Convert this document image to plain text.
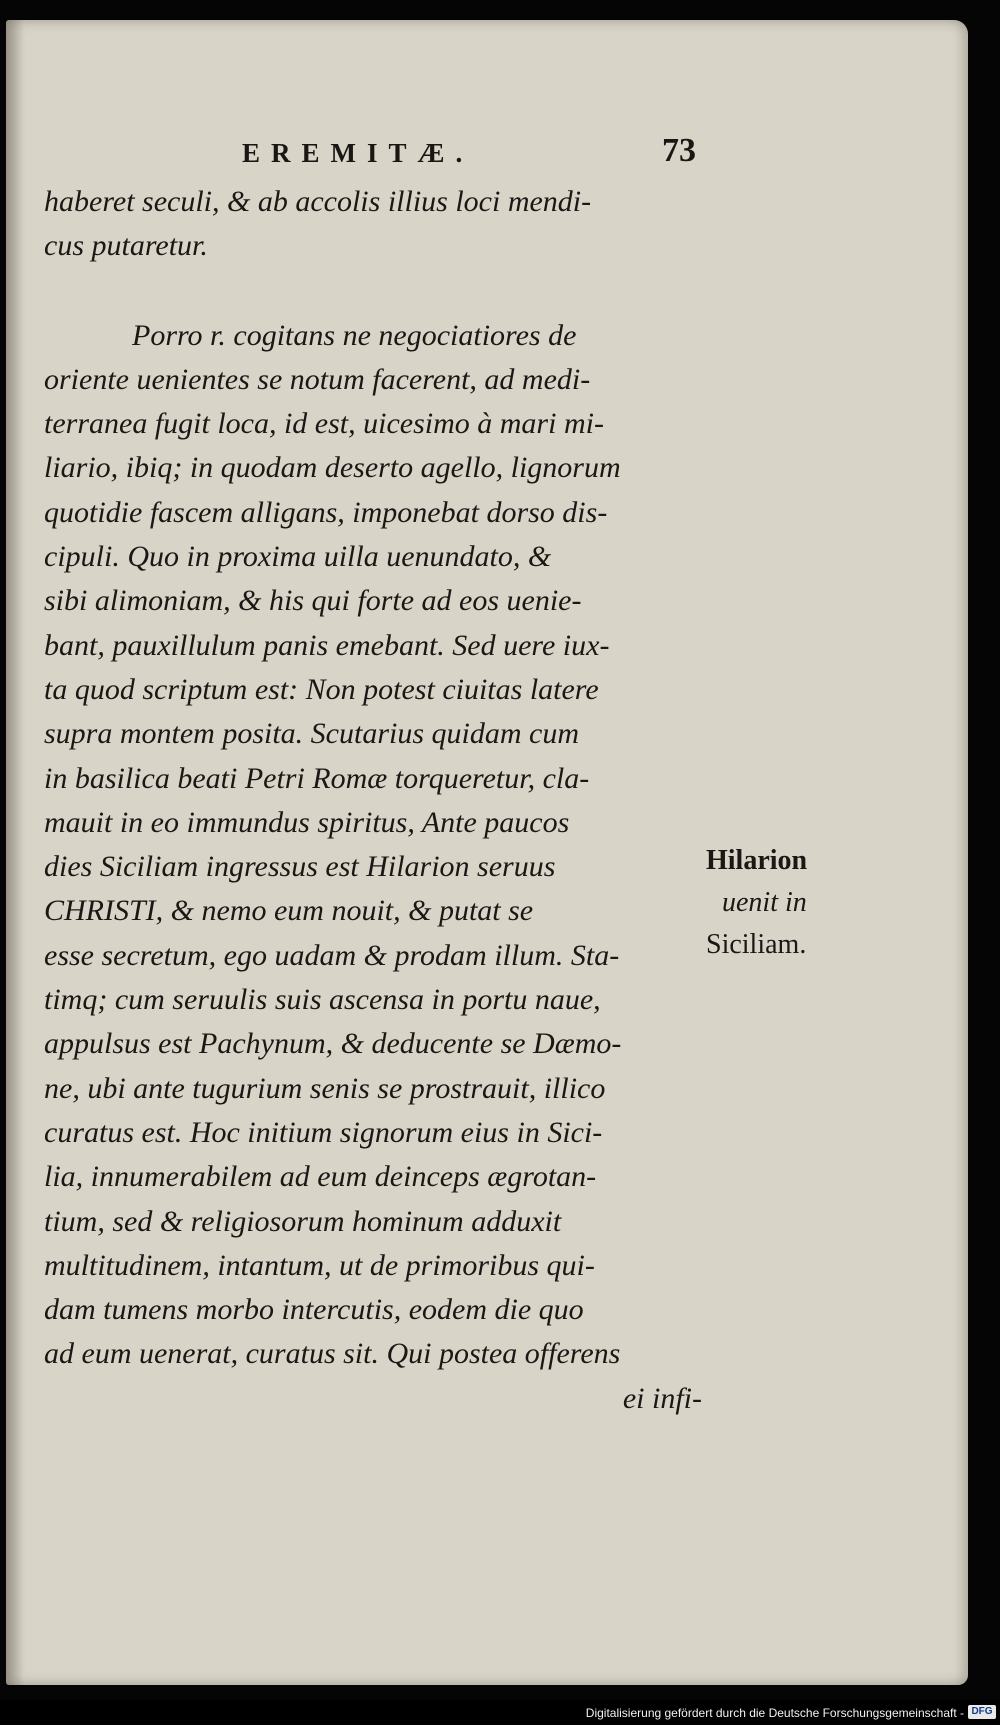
EREMITÆ.	73
haberet seculi, & ab accolis illius loci mendi-
cus putaretur.
Porro r. cogitans ne negociatiores de
oriente uenientes se notum facerent, ad medi-
terranea fugit loca, id est, uicesimo à mari mi-
liario, ibiq; in quodam deserto agello, lignorum
quotidie fascem alligans, imponebat dorso dis-
cipuli. Quo in proxima uilla uenundato, &
sibi alimoniam, & his qui forte ad eos uenie-
bant, pauxillulum panis emebant. Sed uere iux-
ta quod scriptum est: Non potest ciuitas latere
supra montem posita. Scutarius quidam cum
in basilica beati Petri Romæ torqueretur, cla-
mauit in eo immundus spiritus, Ante paucos
dies Siciliam ingressus est Hilarion seruus
CHRISTI, & nemo eum nouit, & putat se
esse secretum, ego uadam & prodam illum. Sta-
timq; cum seruulis suis ascensa in portu naue,
appulsus est Pachynum, & deducente se Dæmo-
ne, ubi ante tugurium senis se prostrauit, illico
curatus est. Hoc initium signorum eius in Sici-
lia, innumerabilem ad eum deinceps ægrotan-
tium, sed & religiosorum hominum adduxit
multitudinem, intantum, ut de primoribus qui-
dam tumens morbo intercutis, eodem die quo
ad eum uenerat, curatus sit. Qui postea offerens
ei infi-
Hilarion
uenit in
Siciliam.
Digitalisierung gefördert durch die Deutsche Forschungsgemeinschaft - DFG
